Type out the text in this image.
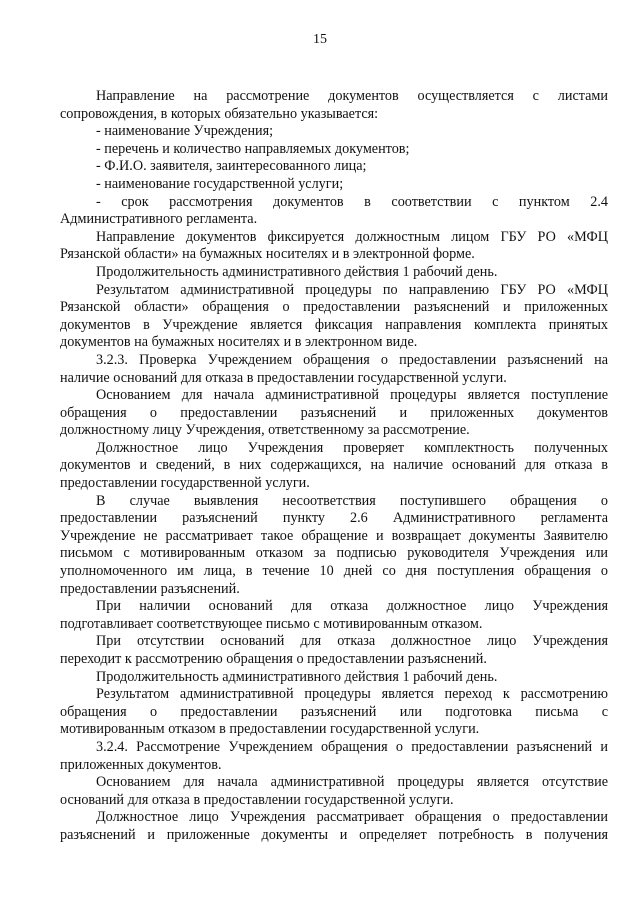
15
Направление на рассмотрение документов осуществляется с листами
сопровождения, в которых обязательно указывается:
- наименование Учреждения;
- перечень и количество направляемых документов;
- Ф.И.О. заявителя, заинтересованного лица;
- наименование государственной услуги;
- срок рассмотрения документов в соответствии с пунктом 2.4
Административного регламента.
Направление документов фиксируется должностным лицом ГБУ РО «МФЦ
Рязанской области» на бумажных носителях и в электронной форме.
Продолжительность административного действия 1 рабочий день.
Результатом административной процедуры по направлению ГБУ РО «МФЦ
Рязанской области» обращения о предоставлении разъяснений и приложенных
документов в Учреждение является фиксация направления комплекта принятых
документов на бумажных носителях и в электронном виде.
3.2.3. Проверка Учреждением обращения о предоставлении разъяснений на
наличие оснований для отказа в предоставлении государственной услуги.
Основанием для начала административной процедуры является поступление
обращения о предоставлении разъяснений и приложенных документов
должностному лицу Учреждения, ответственному за рассмотрение.
Должностное лицо Учреждения проверяет комплектность полученных
документов и сведений, в них содержащихся, на наличие оснований для отказа в
предоставлении государственной услуги.
В случае выявления несоответствия поступившего обращения о
предоставлении разъяснений пункту 2.6 Административного регламента
Учреждение не рассматривает такое обращение и возвращает документы Заявителю
письмом с мотивированным отказом за подписью руководителя Учреждения или
уполномоченного им лица, в течение 10 дней со дня поступления обращения о
предоставлении разъяснений.
При наличии оснований для отказа должностное лицо Учреждения
подготавливает соответствующее письмо с мотивированным отказом.
При отсутствии оснований для отказа должностное лицо Учреждения
переходит к рассмотрению обращения о предоставлении разъяснений.
Продолжительность административного действия 1 рабочий день.
Результатом административной процедуры является переход к рассмотрению
обращения о предоставлении разъяснений или подготовка письма с
мотивированным отказом в предоставлении государственной услуги.
3.2.4. Рассмотрение Учреждением обращения о предоставлении разъяснений и
приложенных документов.
Основанием для начала административной процедуры является отсутствие
оснований для отказа в предоставлении государственной услуги.
Должностное лицо Учреждения рассматривает обращения о предоставлении
разъяснений и приложенные документы и определяет потребность в получения
